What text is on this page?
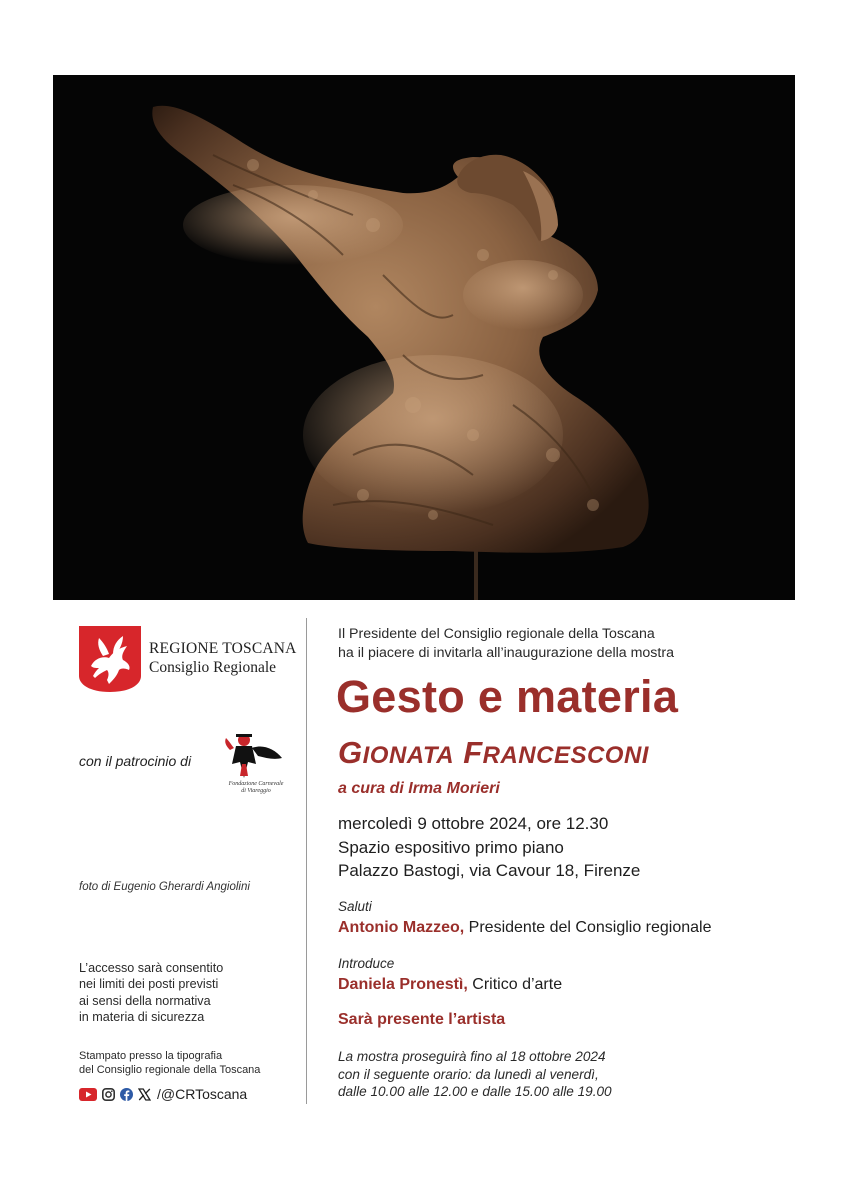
REGIONE TOSCANA
Consiglio Regionale
con il patrocinio di
Fondazione Carnevale
di Viareggio
foto di Eugenio Gherardi Angiolini
L’accesso sarà consentito
nei limiti dei posti previsti
ai sensi della normativa
in materia di sicurezza
Stampato presso la tipografia
del Consiglio regionale della Toscana
/@CRToscana
Il Presidente del Consiglio regionale della Toscana
ha il piacere di invitarla all’inaugurazione della mostra
Gesto e materia
GIONATA FRANCESCONI
a cura di Irma Morieri
mercoledì 9 ottobre 2024, ore 12.30
Spazio espositivo primo piano
Palazzo Bastogi, via Cavour 18, Firenze
Saluti
Antonio Mazzeo, Presidente del Consiglio regionale
Introduce
Daniela Pronestì, Critico d’arte
Sarà presente l’artista
La mostra proseguirà fino al 18 ottobre 2024
con il seguente orario: da lunedì al venerdì,
dalle 10.00 alle 12.00 e dalle 15.00 alle 19.00
